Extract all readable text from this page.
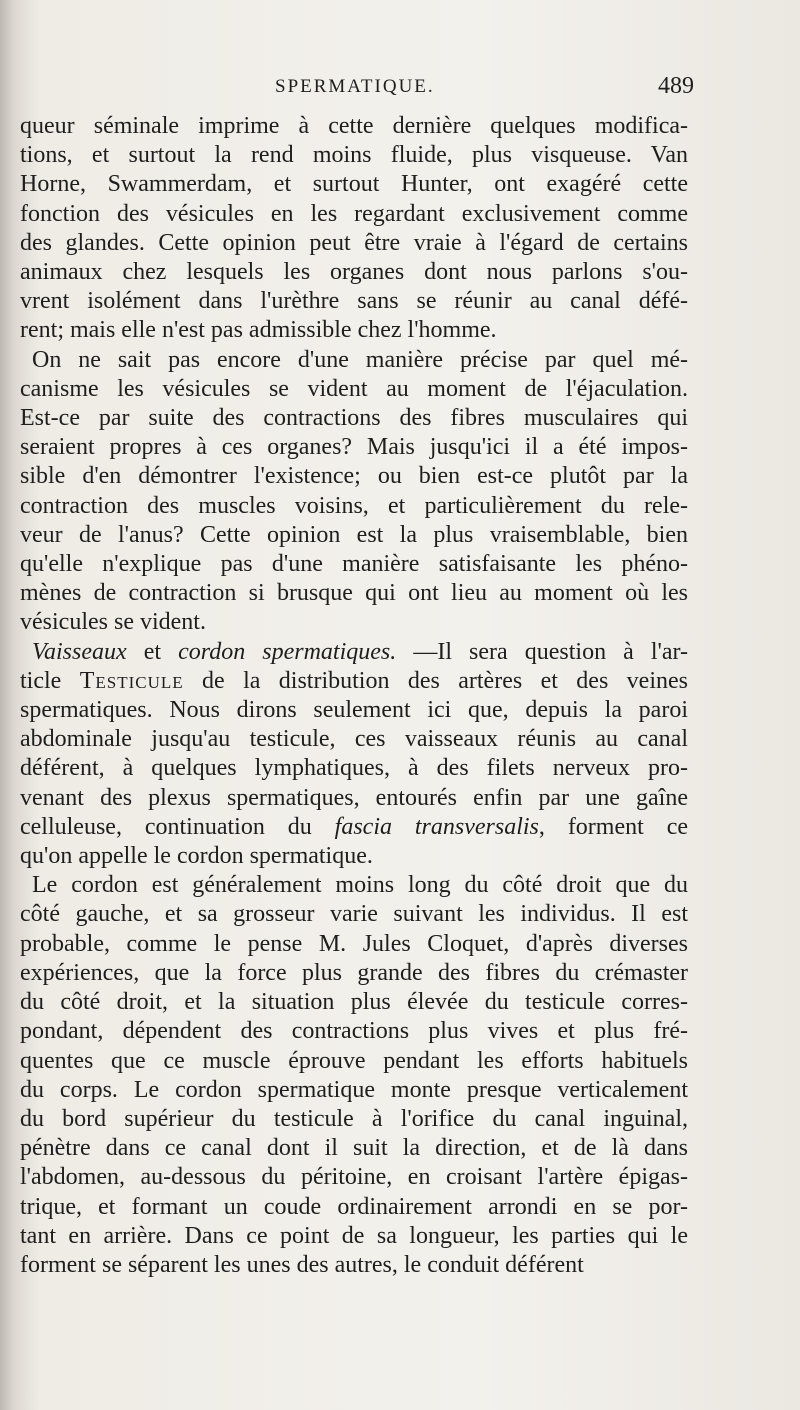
SPERMATIQUE.	489
queur séminale imprime à cette dernière quelques modifica-
tions, et surtout la rend moins fluide, plus visqueuse. Van
Horne, Swammerdam, et surtout Hunter, ont exagéré cette
fonction des vésicules en les regardant exclusivement comme
des glandes. Cette opinion peut être vraie à l'égard de certains
animaux chez lesquels les organes dont nous parlons s'ou-
vrent isolément dans l'urèthre sans se réunir au canal défé-
rent; mais elle n'est pas admissible chez l'homme.
On ne sait pas encore d'une manière précise par quel mé-
canisme les vésicules se vident au moment de l'éjaculation.
Est-ce par suite des contractions des fibres musculaires qui
seraient propres à ces organes? Mais jusqu'ici il a été impos-
sible d'en démontrer l'existence; ou bien est-ce plutôt par la
contraction des muscles voisins, et particulièrement du rele-
veur de l'anus? Cette opinion est la plus vraisemblable, bien
qu'elle n'explique pas d'une manière satisfaisante les phéno-
mènes de contraction si brusque qui ont lieu au moment où les
vésicules se vident.
Vaisseaux et cordon spermatiques. —Il sera question à l'ar-
ticle Testicule de la distribution des artères et des veines
spermatiques. Nous dirons seulement ici que, depuis la paroi
abdominale jusqu'au testicule, ces vaisseaux réunis au canal
déférent, à quelques lymphatiques, à des filets nerveux pro-
venant des plexus spermatiques, entourés enfin par une gaîne
celluleuse, continuation du fascia transversalis, forment ce
qu'on appelle le cordon spermatique.
Le cordon est généralement moins long du côté droit que du
côté gauche, et sa grosseur varie suivant les individus. Il est
probable, comme le pense M. Jules Cloquet, d'après diverses
expériences, que la force plus grande des fibres du crémaster
du côté droit, et la situation plus élevée du testicule corres-
pondant, dépendent des contractions plus vives et plus fré-
quentes que ce muscle éprouve pendant les efforts habituels
du corps. Le cordon spermatique monte presque verticalement
du bord supérieur du testicule à l'orifice du canal inguinal,
pénètre dans ce canal dont il suit la direction, et de là dans
l'abdomen, au-dessous du péritoine, en croisant l'artère épigas-
trique, et formant un coude ordinairement arrondi en se por-
tant en arrière. Dans ce point de sa longueur, les parties qui le
forment se séparent les unes des autres, le conduit déférent
